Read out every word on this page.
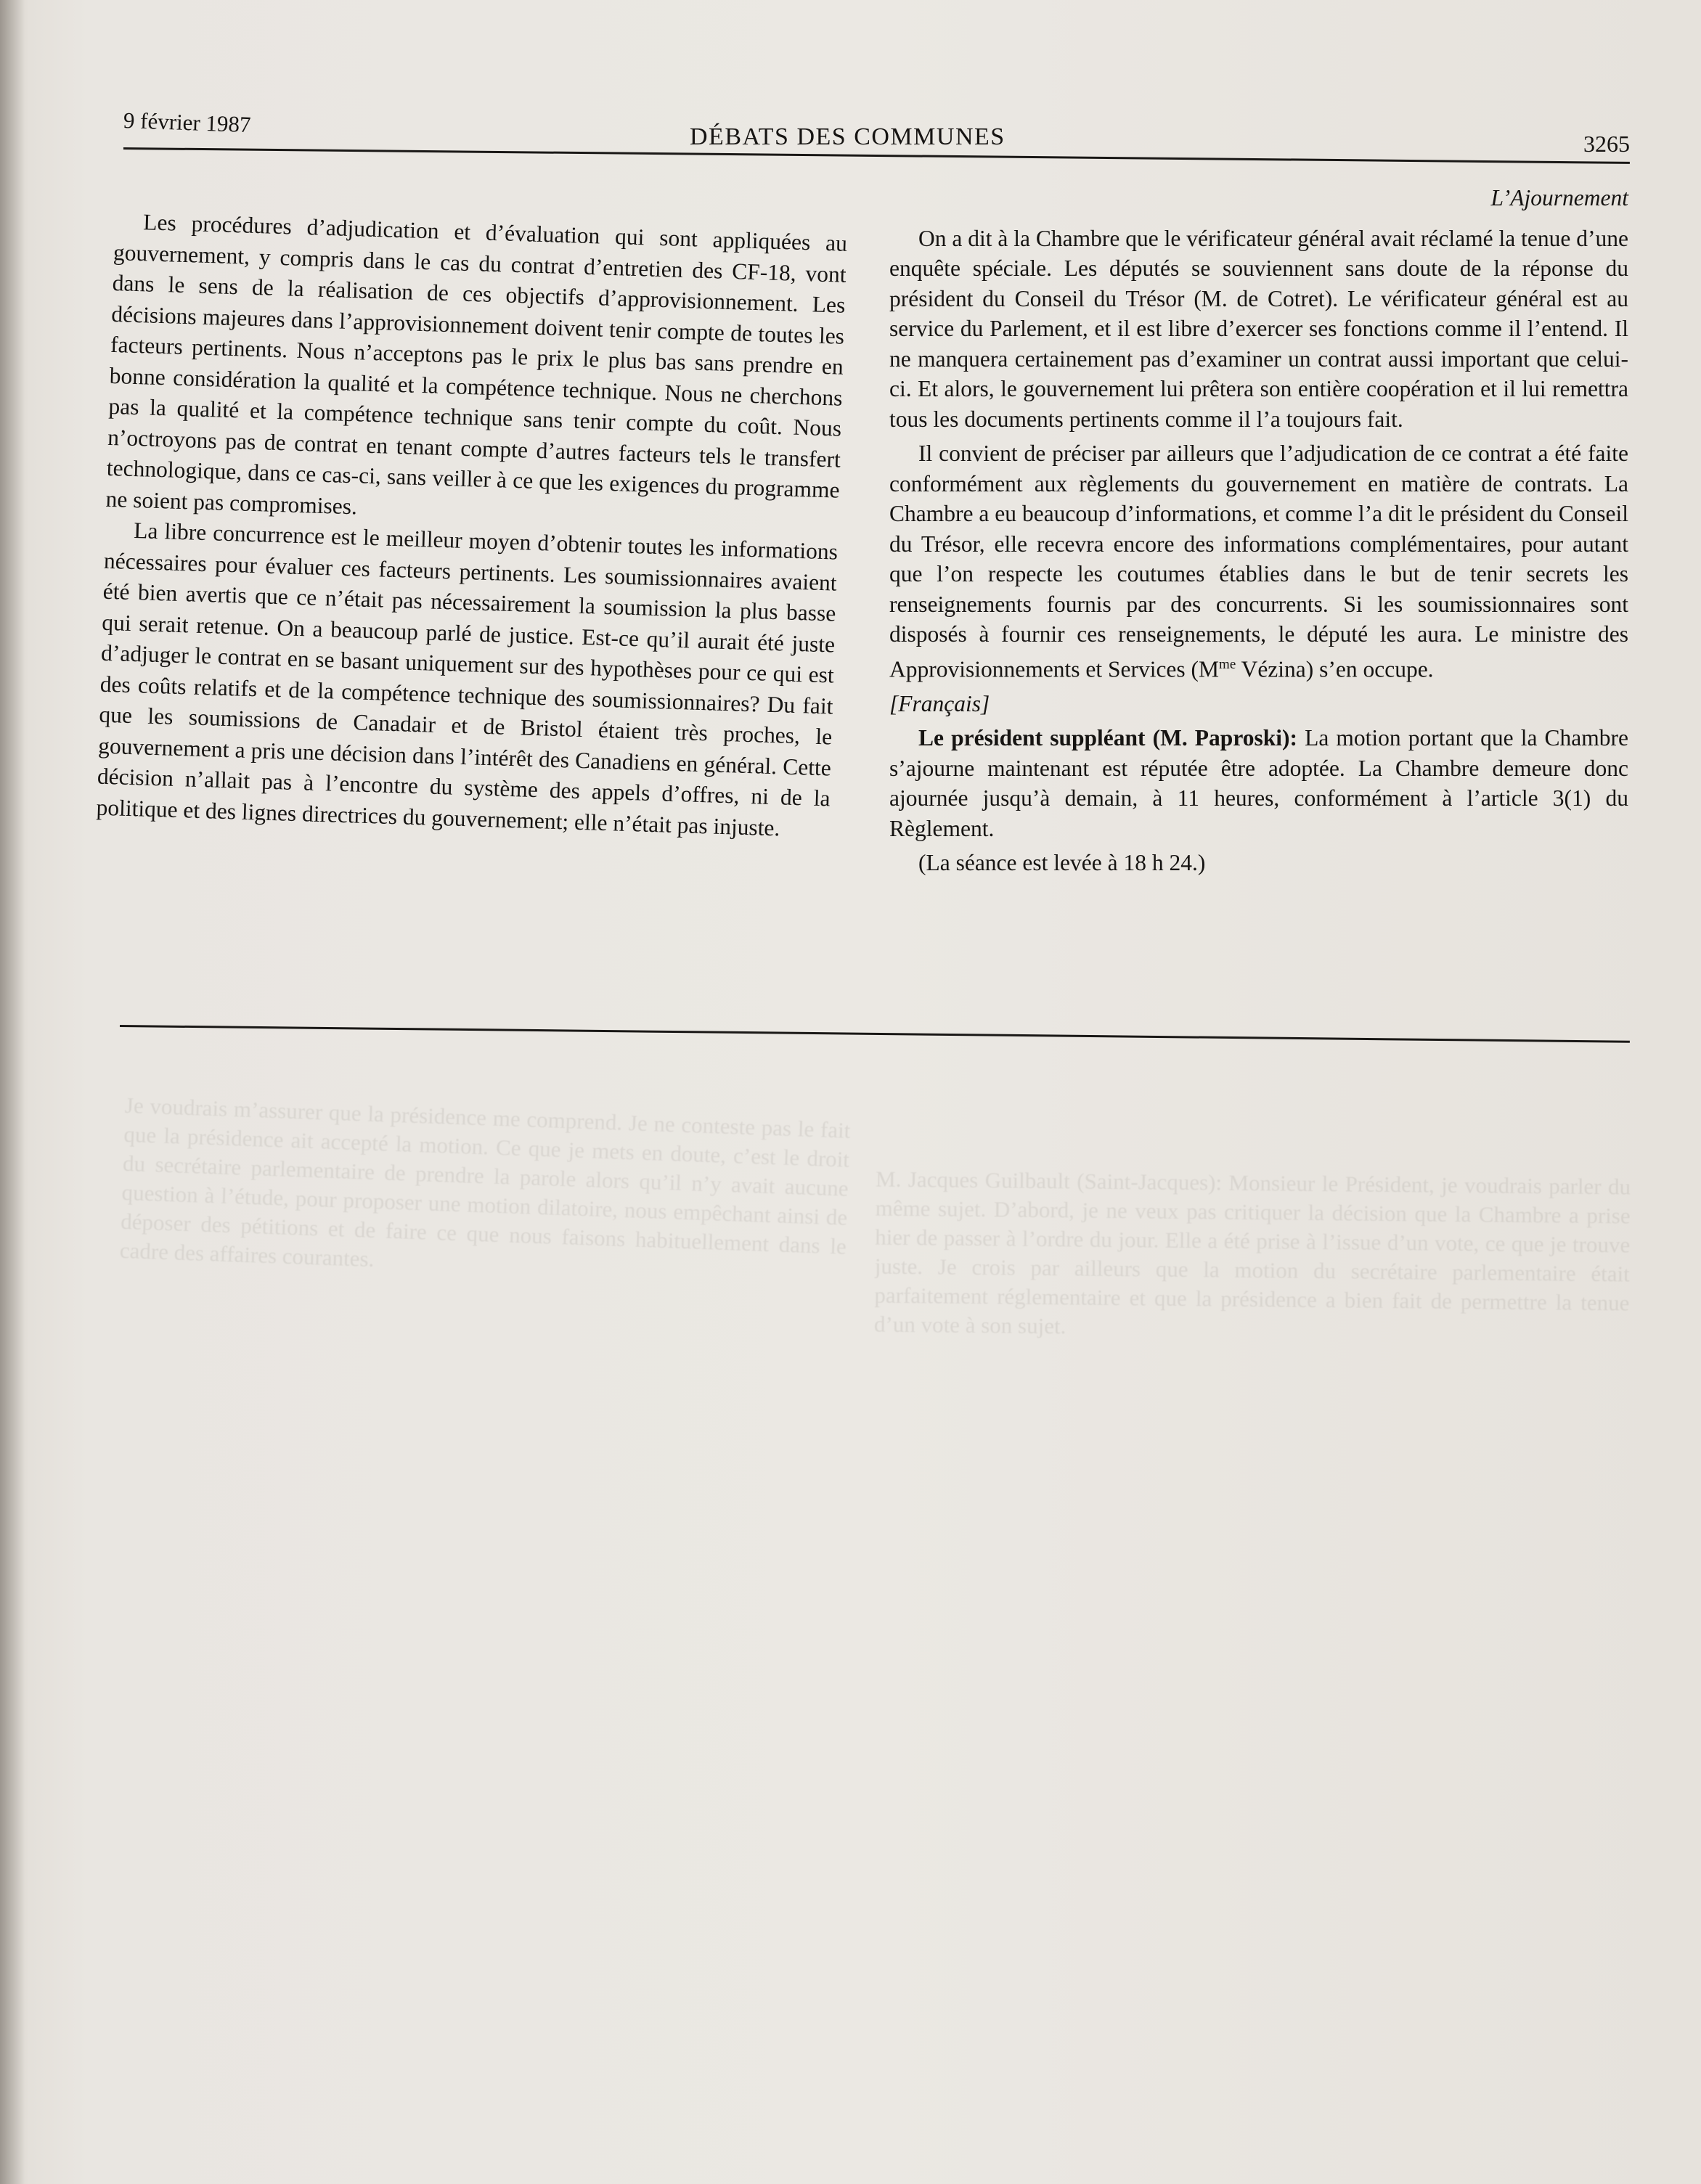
Je voudrais m’assurer que la présidence me comprend. Je ne conteste pas le fait que la présidence ait accepté la motion. Ce que je mets en doute, c’est le droit du secrétaire parlementaire de prendre la parole alors qu’il n’y avait aucune question à l’étude, pour proposer une motion dilatoire, nous empêchant ainsi de déposer des pétitions et de faire ce que nous faisons habituellement dans le cadre des affaires courantes.
M. Jacques Guilbault (Saint-Jacques): Monsieur le Président, je voudrais parler du même sujet. D’abord, je ne veux pas critiquer la décision que la Chambre a prise hier de passer à l’ordre du jour. Elle a été prise à l’issue d’un vote, ce que je trouve juste. Je crois par ailleurs que la motion du secrétaire parlementaire était parfaitement réglementaire et que la présidence a bien fait de permettre la tenue d’un vote à son sujet.
9 février 1987	DÉBATS DES COMMUNES	3265

Les procédures d’adjudication et d’évaluation qui sont appliquées au gouvernement, y compris dans le cas du contrat d’entretien des CF-18, vont dans le sens de la réalisation de ces objectifs d’approvisionnement. Les décisions majeures dans l’approvisionnement doivent tenir compte de toutes les facteurs pertinents. Nous n’acceptons pas le prix le plus bas sans prendre en bonne considération la qualité et la compétence technique. Nous ne cherchons pas la qualité et la compétence technique sans tenir compte du coût. Nous n’octroyons pas de contrat en tenant compte d’autres facteurs tels le transfert technologique, dans ce cas-ci, sans veiller à ce que les exigences du programme ne soient pas compromises.

La libre concurrence est le meilleur moyen d’obtenir toutes les informations nécessaires pour évaluer ces facteurs pertinents. Les soumissionnaires avaient été bien avertis que ce n’était pas nécessairement la soumission la plus basse qui serait retenue. On a beaucoup parlé de justice. Est-ce qu’il aurait été juste d’adjuger le contrat en se basant uniquement sur des hypothèses pour ce qui est des coûts relatifs et de la compétence technique des soumissionnaires? Du fait que les soumissions de Canadair et de Bristol étaient très proches, le gouvernement a pris une décision dans l’intérêt des Canadiens en général. Cette décision n’allait pas à l’encontre du système des appels d’offres, ni de la politique et des lignes directrices du gouvernement; elle n’était pas injuste.

L’Ajournement

On a dit à la Chambre que le vérificateur général avait réclamé la tenue d’une enquête spéciale. Les députés se souviennent sans doute de la réponse du président du Conseil du Trésor (M. de Cotret). Le vérificateur général est au service du Parlement, et il est libre d’exercer ses fonctions comme il l’entend. Il ne manquera certainement pas d’examiner un contrat aussi important que celui-ci. Et alors, le gouvernement lui prêtera son entière coopération et il lui remettra tous les documents pertinents comme il l’a toujours fait.

Il convient de préciser par ailleurs que l’adjudication de ce contrat a été faite conformément aux règlements du gouvernement en matière de contrats. La Chambre a eu beaucoup d’informations, et comme l’a dit le président du Conseil du Trésor, elle recevra encore des informations complémentaires, pour autant que l’on respecte les coutumes établies dans le but de tenir secrets les renseignements fournis par des concurrents. Si les soumissionnaires sont disposés à fournir ces renseignements, le député les aura. Le ministre des Approvisionnements et Services ($M^{me}$ Vézina) s’en occupe.

[Français]

Le président suppléant (M. Paproski): La motion portant que la Chambre s’ajourne maintenant est réputée être adoptée. La Chambre demeure donc ajournée jusqu’à demain, à 11 heures, conformément à l’article 3(1) du Règlement.

(La séance est levée à 18 h 24.)
